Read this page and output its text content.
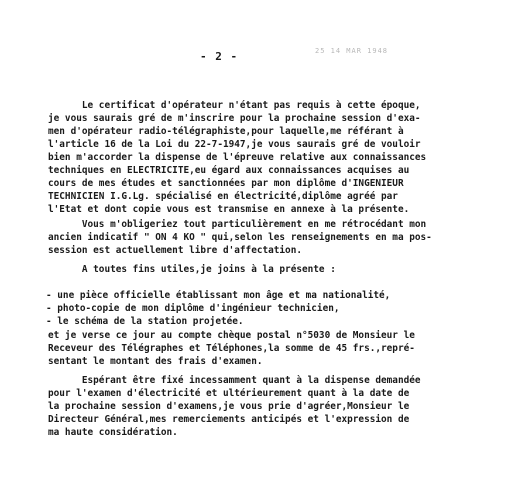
- 2 -	25 14 MAR 1948

Le certificat d'opérateur n'étant pas requis à cette époque,
je vous saurais gré de m'inscrire pour la prochaine session d'exa-
men d'opérateur radio-télégraphiste,pour laquelle,me référant à
l'article 16 de la Loi du 22-7-1947,je vous saurais gré de vouloir
bien m'accorder la dispense de l'épreuve relative aux connaissances
techniques en ELECTRICITE,eu égard aux connaissances acquises au
cours de mes études et sanctionnées par mon diplôme d'INGENIEUR
TECHNICIEN I.G.Lg. spécialisé en électricité,diplôme agréé par
l'Etat et dont copie vous est transmise en annexe à la présente.

Vous m'obligeriez tout particulièrement en me rétrocédant mon
ancien indicatif " ON 4 KO " qui,selon les renseignements en ma pos-
session est actuellement libre d'affectation.

A toutes fins utiles,je joins à la présente :

- une pièce officielle établissant mon âge et ma nationalité,
- photo-copie de mon diplôme d'ingénieur technicien,
- le schéma de la station projetée.

et je verse ce jour au compte chèque postal n°5030 de Monsieur le
Receveur des Télégraphes et Téléphones,la somme de 45 frs.,repré-
sentant le montant des frais d'examen.

Espérant être fixé incessamment quant à la dispense demandée
pour l'examen d'électricité et ultérieurement quant à la date de
la prochaine session d'examens,je vous prie d'agréer,Monsieur le
Directeur Général,mes remerciements anticipés et l'expression de
ma haute considération.
